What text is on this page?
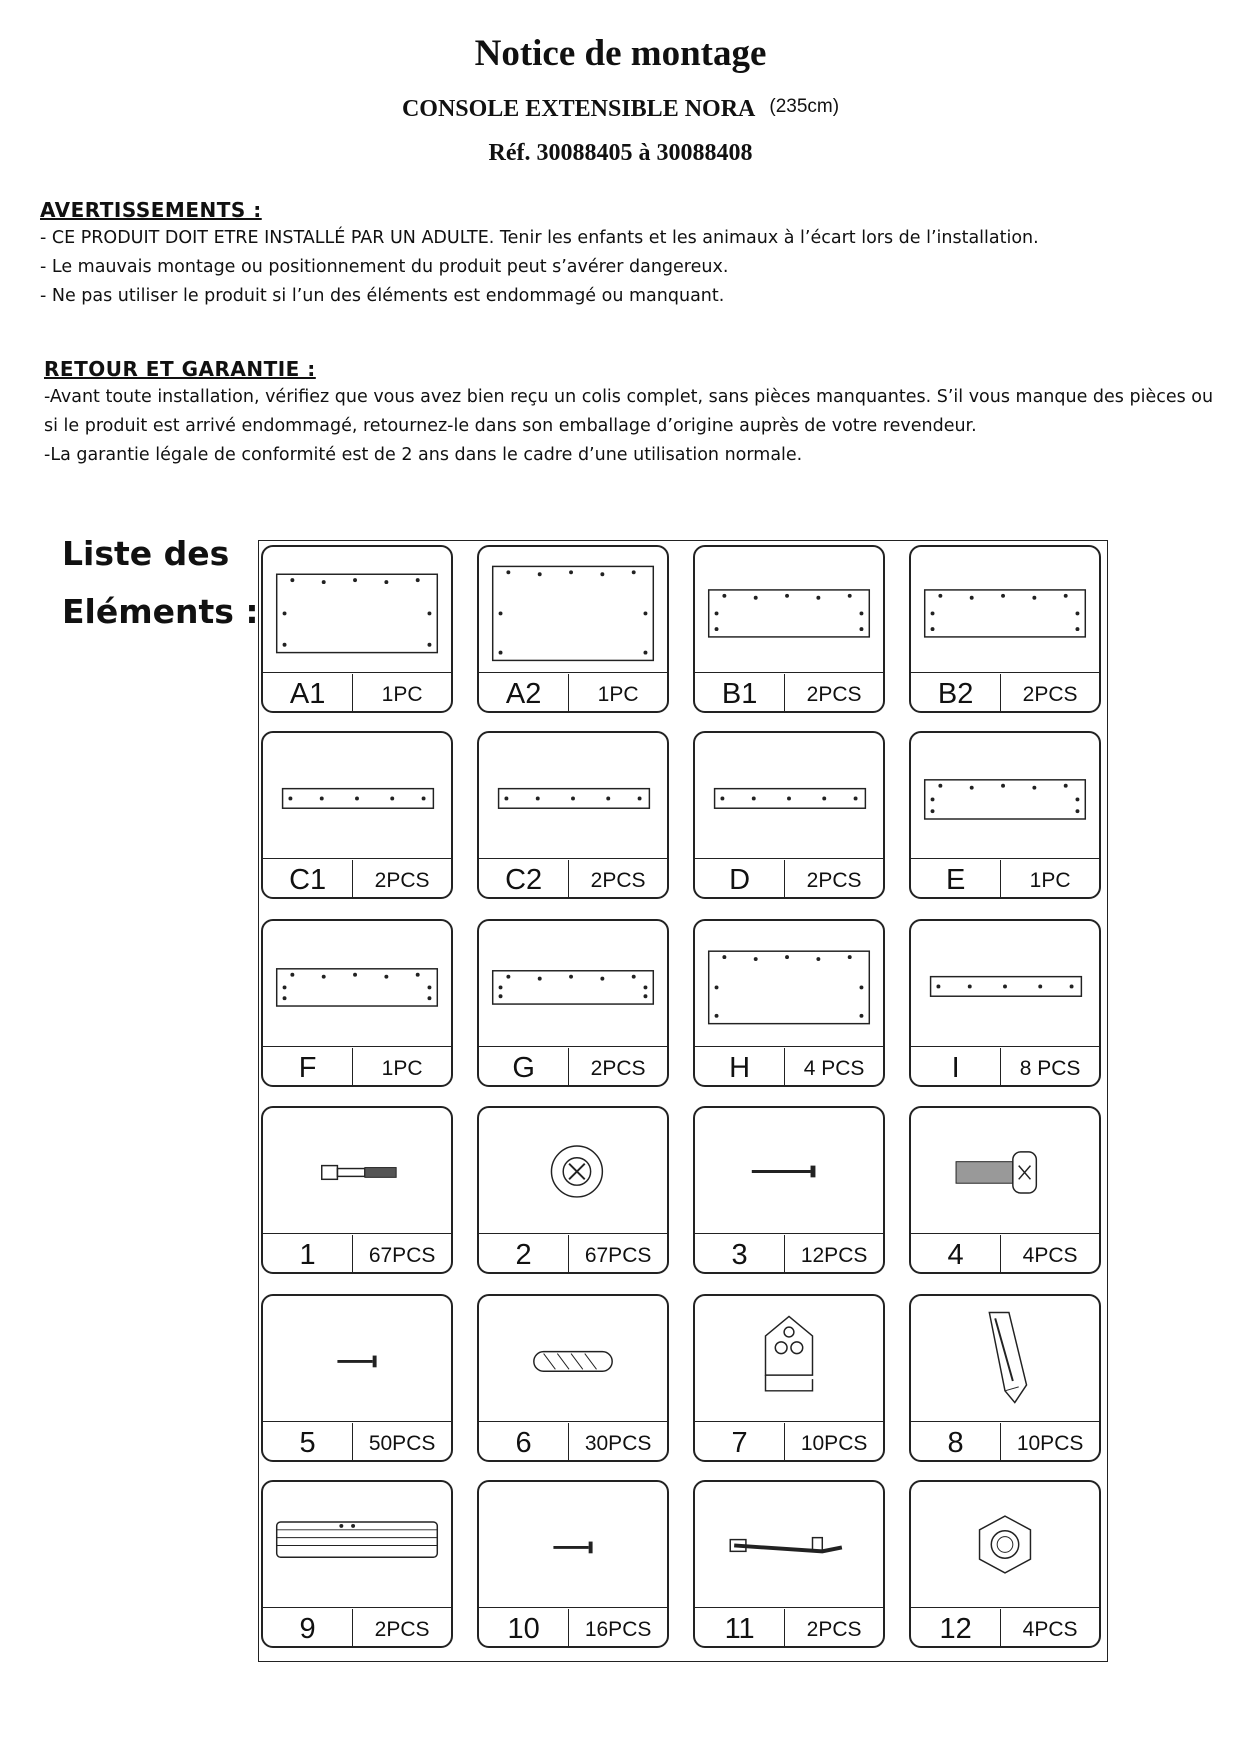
Notice de montage
CONSOLE EXTENSIBLE NORA (235cm)
Réf. 30088405 à 30088408
AVERTISSEMENTS :

- CE PRODUIT DOIT ETRE INSTALLÉ PAR UN ADULTE. Tenir les enfants et les animaux à l’écart lors de l’installation.

- Le mauvais montage ou positionnement du produit peut s’avérer dangereux.

- Ne pas utiliser le produit si l’un des éléments est endommagé ou manquant.

RETOUR ET GARANTIE :

-Avant toute installation, vérifiez que vous avez bien reçu un colis complet, sans pièces manquantes. S’il vous manque des pièces ou si le produit est arrivé endommagé, retournez-le dans son emballage d’origine auprès de votre revendeur.

-La garantie légale de conformité est de 2 ans dans le cadre d’une utilisation normale.

Liste des
Eléments :
A1	1PC	A2	1PC	B1	2PCS	B2	2PCS
C1	2PCS	C2	2PCS	D	2PCS	E	1PC
F	1PC	G	2PCS	H	4 PCS	I	8 PCS
1	67PCS	2	67PCS	3	12PCS	4	4PCS
5	50PCS	6	30PCS	7	10PCS	8	10PCS
9	2PCS	10	16PCS	11	2PCS	12	4PCS
